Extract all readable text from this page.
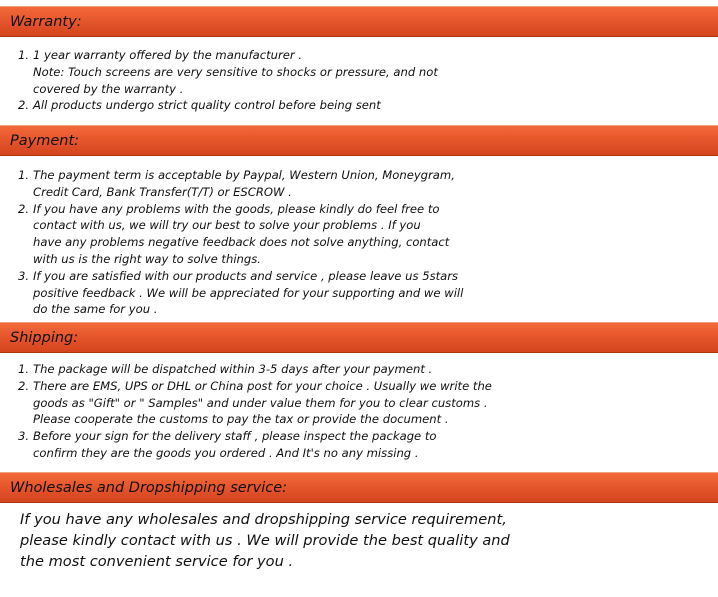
Warranty:
1. 1 year warranty offered by the manufacturer .
Note: Touch screens are very sensitive to shocks or pressure, and not
covered by the warranty .
2. All products undergo strict quality control before being sent
Payment:
1. The payment term is acceptable by Paypal, Western Union, Moneygram,
Credit Card, Bank Transfer(T/T) or ESCROW .
2. If you have any problems with the goods, please kindly do feel free to
contact with us, we will try our best to solve your problems . If you
have any problems negative feedback does not solve anything, contact
with us is the right way to solve things.
3. If you are satisfied with our products and service , please leave us 5stars
positive feedback . We will be appreciated for your supporting and we will
do the same for you .
Shipping:
1. The package will be dispatched within 3-5 days after your payment .
2. There are EMS, UPS or DHL or China post for your choice . Usually we write the
goods as "Gift" or " Samples" and under value them for you to clear customs .
Please cooperate the customs to pay the tax or provide the document .
3. Before your sign for the delivery staff , please inspect the package to
confirm they are the goods you ordered . And It's no any missing .
Wholesales and Dropshipping service:
If you have any wholesales and dropshipping service requirement,
please kindly contact with us . We will provide the best quality and
the most convenient service for you .
